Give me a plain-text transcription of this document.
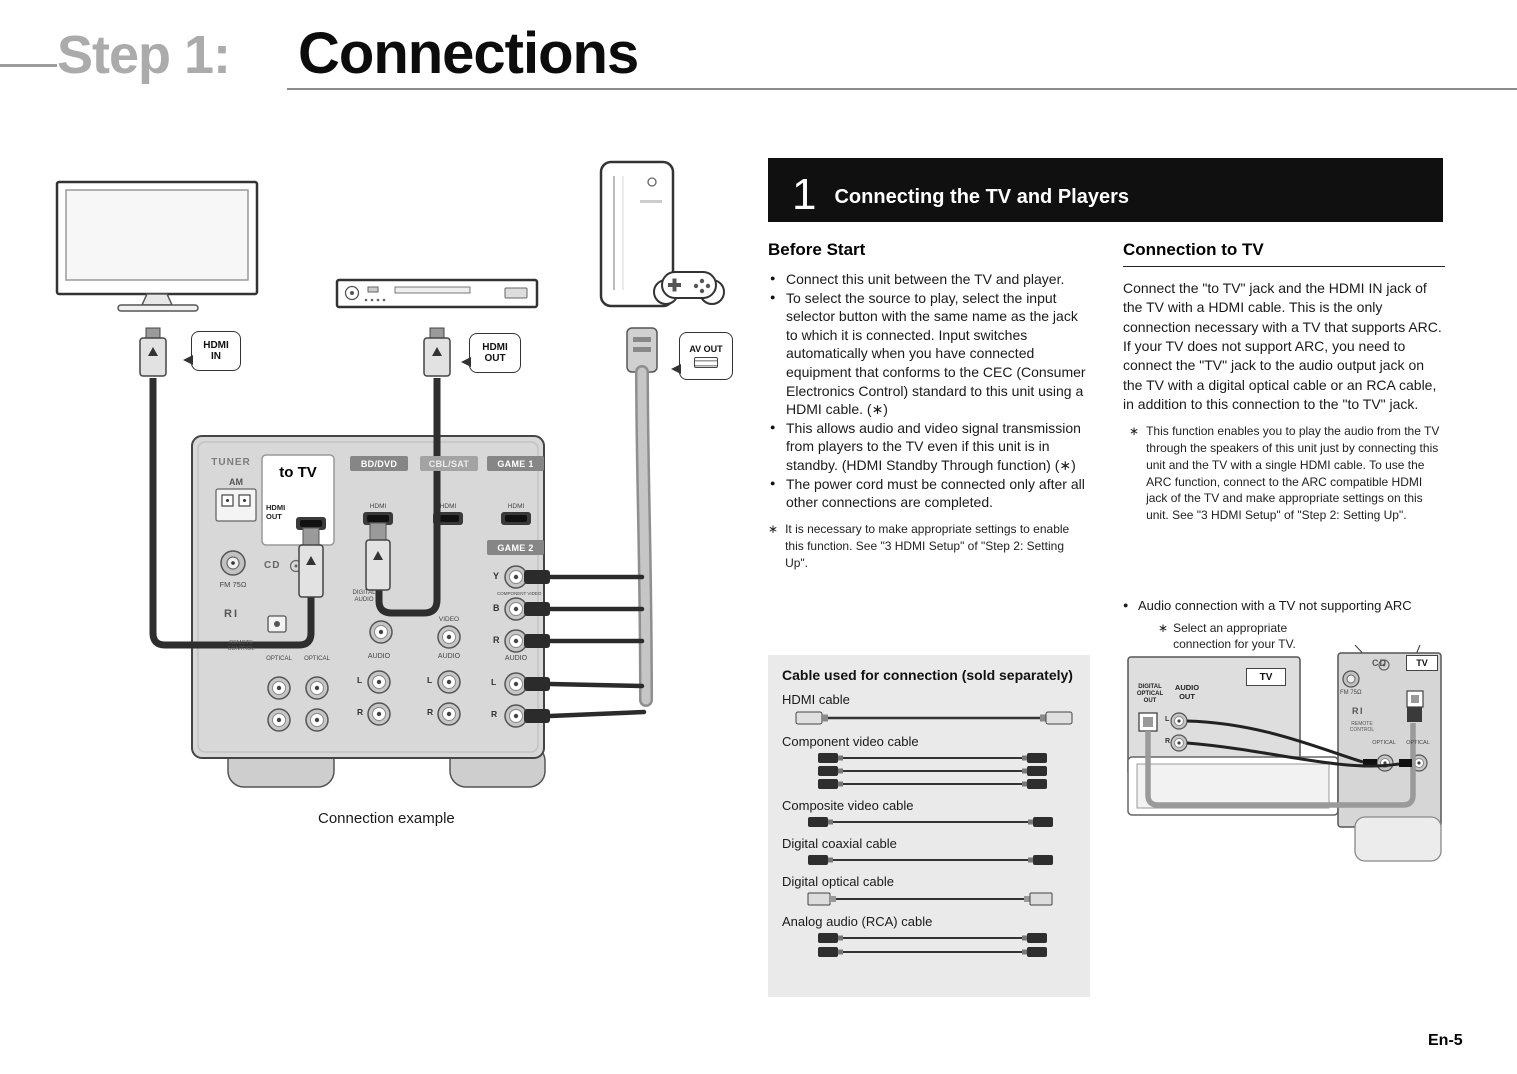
Step 1: Connections
HDMI IN
HDMI OUT
AV OUT
TUNER
AM
to TV
HDMI OUT
BD/DVD	CBL/SAT	GAME 1
GAME 2
HDMI	HDMI	HDMI
CD
FM 75Ω
RI
REMOTE CONTROL
OPTICAL	OPTICAL
DIGITAL AUDIO
VIDEO
AUDIO	AUDIO	AUDIO
COMPONENT VIDEO
Y
B
R
L
R
L
R
L
R
Connection example
1 Connecting the TV and Players
Before Start
● Connect this unit between the TV and player.
● To select the source to play, select the input selector button with the same name as the jack to which it is connected. Input switches automatically when you have connected equipment that conforms to the CEC (Consumer Electronics Control) standard to this unit using a HDMI cable. (∗)
● This allows audio and video signal transmission from players to the TV even if this unit is in standby. (HDMI Standby Through function) (∗)
● The power cord must be connected only after all other connections are completed.
∗ It is necessary to make appropriate settings to enable this function. See "3 HDMI Setup" of "Step 2: Setting Up".
Cable used for connection (sold separately)
HDMI cable
Component video cable
Composite video cable
Digital coaxial cable
Digital optical cable
Analog audio (RCA) cable
Connection to TV

Connect the "to TV" jack and the HDMI IN jack of the TV with a HDMI cable. This is the only connection necessary with a TV that supports ARC. If your TV does not support ARC, you need to connect the "TV" jack to the audio output jack on the TV with a digital optical cable or an RCA cable, in addition to this connection to the "to TV" jack.

∗ This function enables you to play the audio from the TV through the speakers of this unit just by connecting this unit and the TV with a single HDMI cable. To use the ARC function, connect to the ARC compatible HDMI jack of the TV and make appropriate settings on this unit. See "3 HDMI Setup" of "Step 2: Setting Up".
● Audio connection with a TV not supporting ARC
∗ Select an appropriate connection for your TV.
TV
AUDIO OUT
DIGITAL OPTICAL OUT
L
R
CD	TV
FM 75Ω
RI
REMOTE CONTROL
OPTICAL	OPTICAL
En-5
